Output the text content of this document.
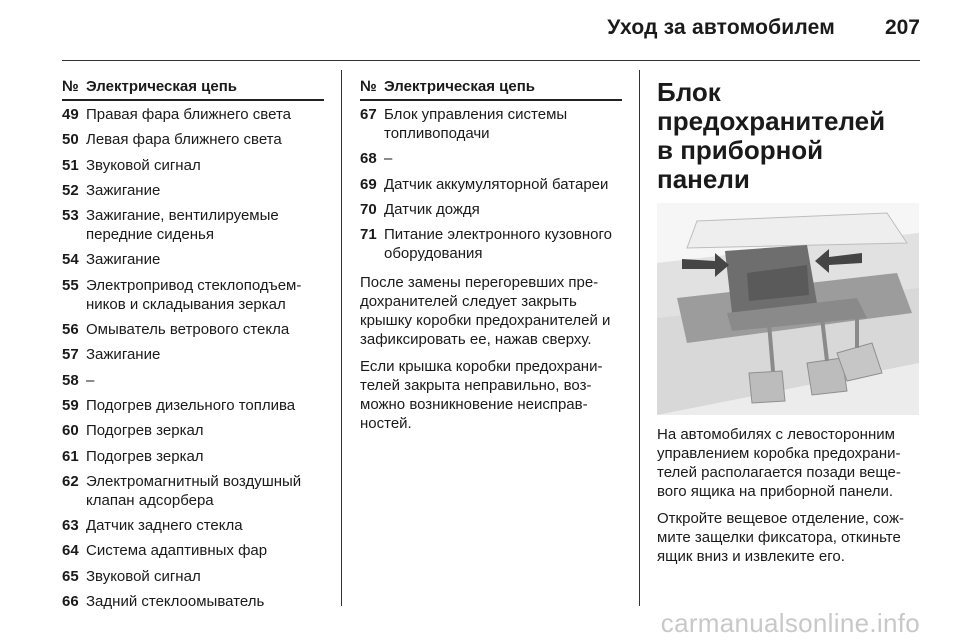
Уход за автомобилем 207
№ Электрическая цепь
49 Правая фара ближнего света
50 Левая фара ближнего света
51 Звуковой сигнал
52 Зажигание
53 Зажигание, вентилируемые передние сиденья
54 Зажигание
55 Электропривод стеклоподъем-ников и складывания зеркал
56 Омыватель ветрового стекла
57 Зажигание
58 –
59 Подогрев дизельного топлива
60 Подогрев зеркал
61 Подогрев зеркал
62 Электромагнитный воздушный клапан адсорбера
63 Датчик заднего стекла
64 Система адаптивных фар
65 Звуковой сигнал
66 Задний стеклоомыватель
№ Электрическая цепь
67 Блок управления системы топливоподачи
68 –
69 Датчик аккумуляторной батареи
70 Датчик дождя
71 Питание электронного кузовного оборудования

После замены перегоревших пре-дохранителей следует закрыть крышку коробки предохранителей и зафиксировать ее, нажав сверху.

Если крышка коробки предохрани-телей закрыта неправильно, воз-можно возникновение неисправ-ностей.

Блок предохранителей
в приборной панели

На автомобилях с левосторонним управлением коробка предохрани-телей располагается позади веще-вого ящика на приборной панели.

Откройте вещевое отделение, сож-мите защелки фиксатора, откиньте ящик вниз и извлеките его.

carmanualsonline.info
